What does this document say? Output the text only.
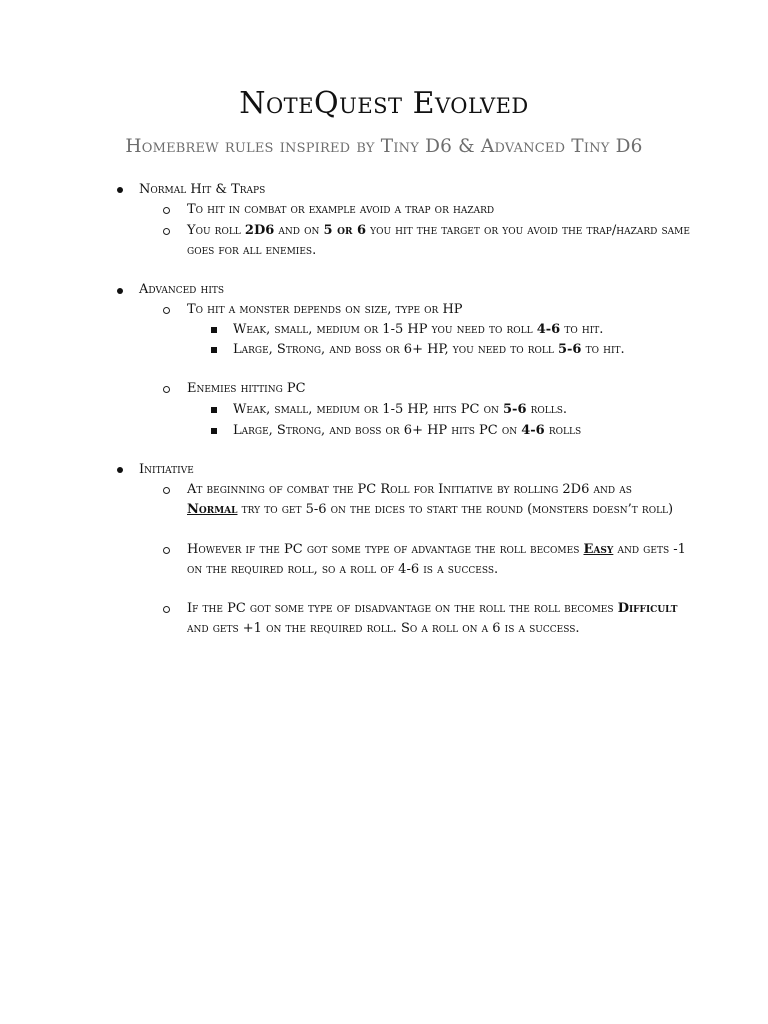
NoteQuest Evolved
Homebrew rules inspired by Tiny D6 & Advanced Tiny D6
Normal Hit & Traps
To hit in combat or example avoid a trap or hazard
You roll 2D6 and on 5 or 6 you hit the target or you avoid the trap/hazard same
goes for all enemies.
Advanced hits
To hit a monster depends on size, type or HP
Weak, small, medium or 1-5 HP you need to roll 4-6 to hit.
Large, Strong, and boss or 6+ HP, you need to roll 5-6 to hit.
Enemies hitting PC
Weak, small, medium or 1-5 HP, hits PC on 5-6 rolls.
Large, Strong, and boss or 6+ HP hits PC on 4-6 rolls
Initiative
At beginning of combat the PC Roll for Initiative by rolling 2D6 and as
Normal try to get 5-6 on the dices to start the round (monsters doesn’t roll)
However if the PC got some type of advantage the roll becomes Easy and gets -1
on the required roll, so a roll of 4-6 is a success.
If the PC got some type of disadvantage on the roll the roll becomes Difficult
and gets +1 on the required roll. So a roll on a 6 is a success.
